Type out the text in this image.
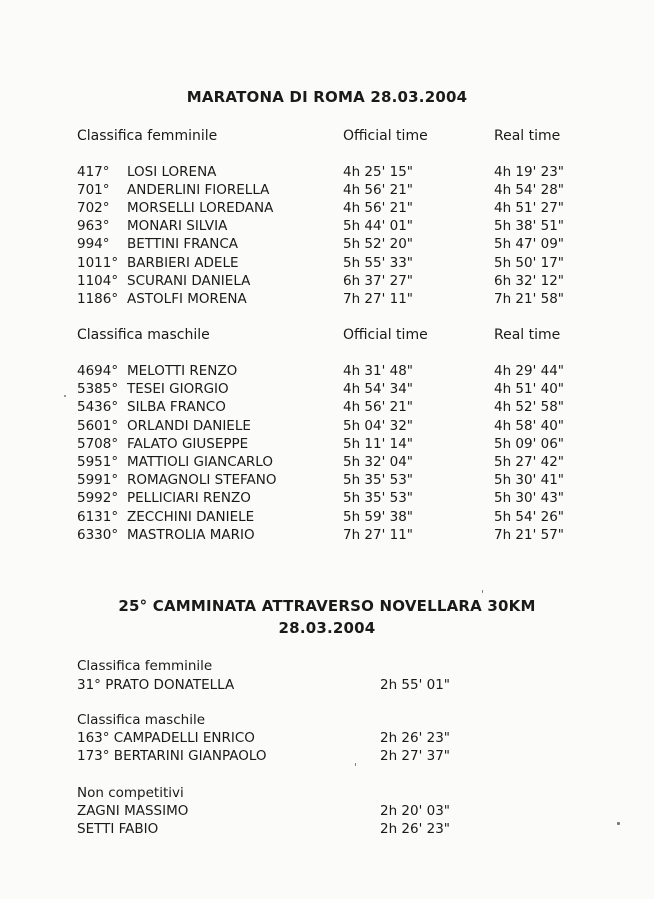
MARATONA DI ROMA 28.03.2004
Classifica femminile	Official time	Real time
417° LOSI LORENA	4h 25' 15"	4h 19' 23"
701° ANDERLINI FIORELLA	4h 56' 21"	4h 54' 28"
702° MORSELLI LOREDANA	4h 56' 21"	4h 51' 27"
963° MONARI SILVIA	5h 44' 01"	5h 38' 51"
994° BETTINI FRANCA	5h 52' 20"	5h 47' 09"
1011° BARBIERI ADELE	5h 55' 33"	5h 50' 17"
1104° SCURANI DANIELA	6h 37' 27"	6h 32' 12"
1186° ASTOLFI MORENA	7h 27' 11"	7h 21' 58"
Classifica maschile	Official time	Real time
4694° MELOTTI RENZO	4h 31' 48"	4h 29' 44"
5385° TESEI GIORGIO	4h 54' 34"	4h 51' 40"
5436° SILBA FRANCO	4h 56' 21"	4h 52' 58"
5601° ORLANDI DANIELE	5h 04' 32"	4h 58' 40"
5708° FALATO GIUSEPPE	5h 11' 14"	5h 09' 06"
5951° MATTIOLI GIANCARLO	5h 32' 04"	5h 27' 42"
5991° ROMAGNOLI STEFANO	5h 35' 53"	5h 30' 41"
5992° PELLICIARI RENZO	5h 35' 53"	5h 30' 43"
6131° ZECCHINI DANIELE	5h 59' 38"	5h 54' 26"
6330° MASTROLIA MARIO	7h 27' 11"	7h 21' 57"
25° CAMMINATA ATTRAVERSO NOVELLARA 30KM
28.03.2004
Classifica femminile
31° PRATO DONATELLA	2h 55' 01"
Classifica maschile
163° CAMPADELLI ENRICO	2h 26' 23"
173° BERTARINI GIANPAOLO	2h 27' 37"
Non competitivi
ZAGNI MASSIMO	2h 20' 03"
SETTI FABIO	2h 26' 23"
